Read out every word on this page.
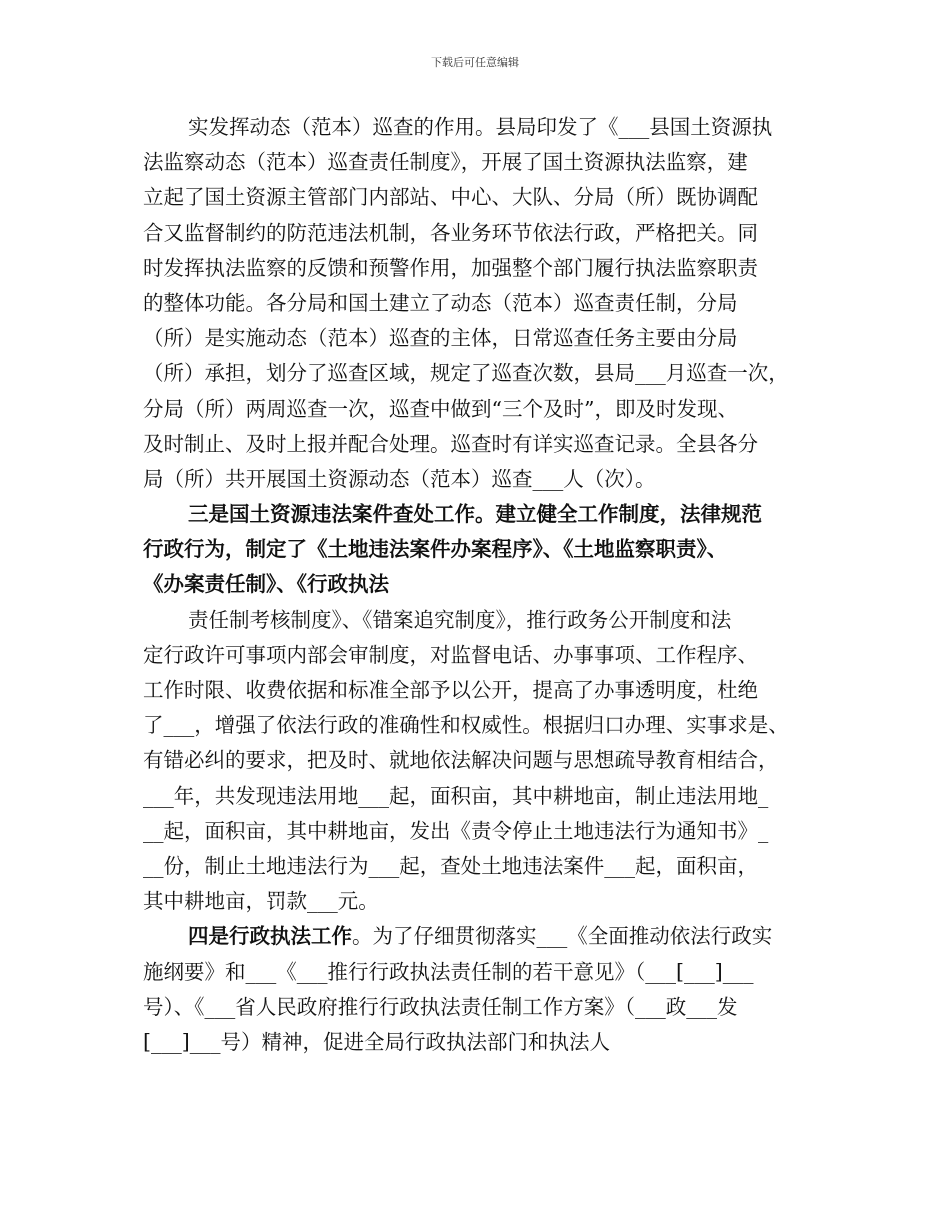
下载后可任意编辑
实发挥动态（范本）巡查的作用。县局印发了《___县国土资源执
法监察动态（范本）巡查责任制度》，开展了国土资源执法监察，建
立起了国土资源主管部门内部站、中心、大队、分局（所）既协调配
合又监督制约的防范违法机制，各业务环节依法行政，严格把关。同
时发挥执法监察的反馈和预警作用，加强整个部门履行执法监察职责
的整体功能。各分局和国土建立了动态（范本）巡查责任制，分局
（所）是实施动态（范本）巡查的主体，日常巡查任务主要由分局
（所）承担，划分了巡查区域，规定了巡查次数，县局___月巡查一次，
分局（所）两周巡查一次，巡查中做到“三个及时”，即及时发现、
及时制止、及时上报并配合处理。巡查时有详实巡查记录。全县各分
局（所）共开展国土资源动态（范本）巡查___人（次）。
三是国土资源违法案件查处工作。建立健全工作制度，法律规范
行政行为，制定了《土地违法案件办案程序》、《土地监察职责》、
《办案责任制》、《行政执法
责任制考核制度》、《错案追究制度》，推行政务公开制度和法
定行政许可事项内部会审制度，对监督电话、办事事项、工作程序、
工作时限、收费依据和标准全部予以公开，提高了办事透明度，杜绝
了___，增强了依法行政的准确性和权威性。根据归口办理、实事求是、
有错必纠的要求，把及时、就地依法解决问题与思想疏导教育相结合，
___年，共发现违法用地___起，面积亩，其中耕地亩，制止违法用地_
__起，面积亩，其中耕地亩，发出《责令停止土地违法行为通知书》_
__份，制止土地违法行为___起，查处土地违法案件___起，面积亩，
其中耕地亩，罚款___元。
四是行政执法工作。为了仔细贯彻落实___《全面推动依法行政实
施纲要》和___《___推行行政执法责任制的若干意见》（___[___]___
号）、《___省人民政府推行行政执法责任制工作方案》（___政___发
[___]___号）精神，促进全局行政执法部门和执法人
